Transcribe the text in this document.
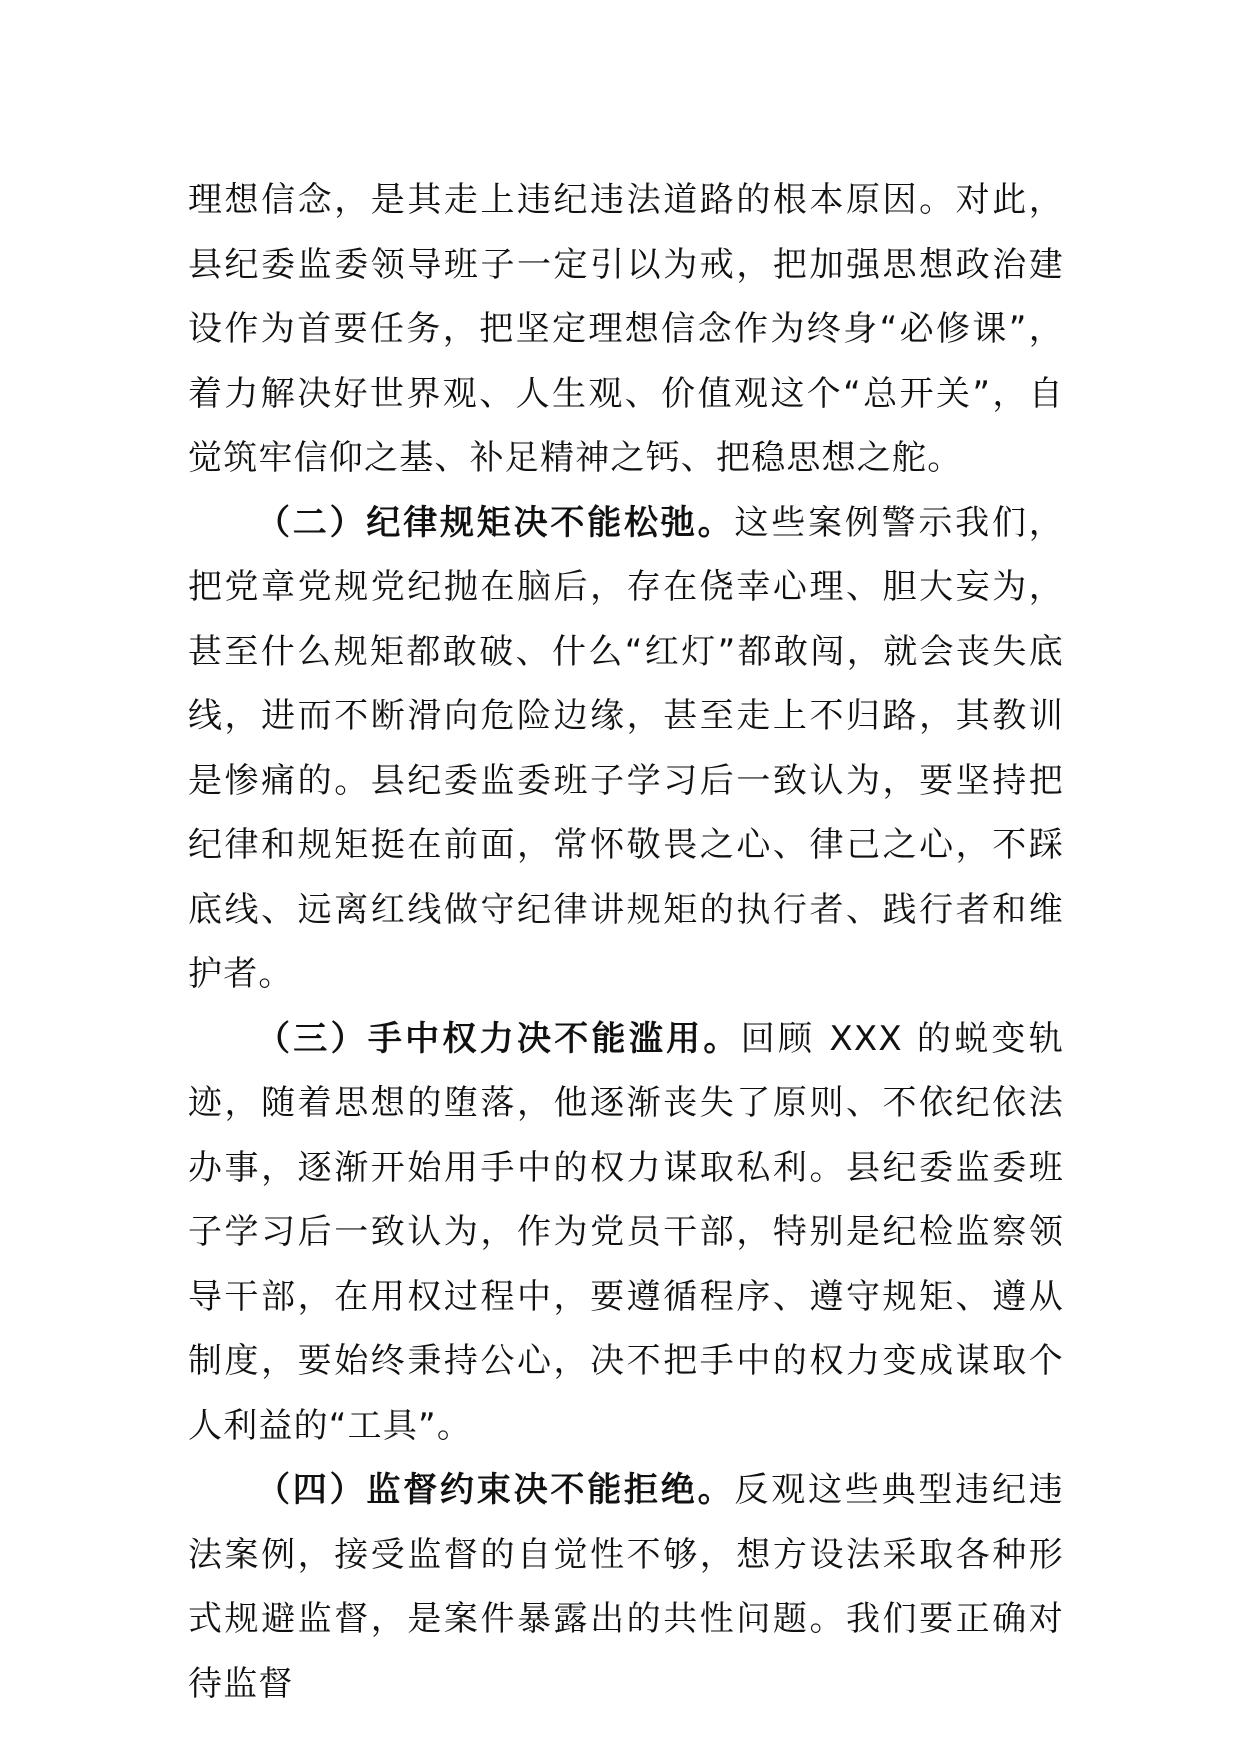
理想信念，是其走上违纪违法道路的根本原因。对此，县纪委监委领导班子一定引以为戒，把加强思想政治建设作为首要任务，把坚定理想信念作为终身“必修课”，着力解决好世界观、人生观、价值观这个“总开关”，自觉筑牢信仰之基、补足精神之钙、把稳思想之舵。

（二）纪律规矩决不能松弛。这些案例警示我们，把党章党规党纪抛在脑后，存在侥幸心理、胆大妄为，甚至什么规矩都敢破、什么“红灯”都敢闯，就会丧失底线，进而不断滑向危险边缘，甚至走上不归路，其教训是惨痛的。县纪委监委班子学习后一致认为，要坚持把纪律和规矩挺在前面，常怀敬畏之心、律己之心，不踩底线、远离红线做守纪律讲规矩的执行者、践行者和维护者。

（三）手中权力决不能滥用。回顾 XXX 的蜕变轨迹，随着思想的堕落，他逐渐丧失了原则、不依纪依法办事，逐渐开始用手中的权力谋取私利。县纪委监委班子学习后一致认为，作为党员干部，特别是纪检监察领导干部，在用权过程中，要遵循程序、遵守规矩、遵从制度，要始终秉持公心，决不把手中的权力变成谋取个人利益的“工具”。

（四）监督约束决不能拒绝。反观这些典型违纪违法案例，接受监督的自觉性不够，想方设法采取各种形式规避监督，是案件暴露出的共性问题。我们要正确对待监督
